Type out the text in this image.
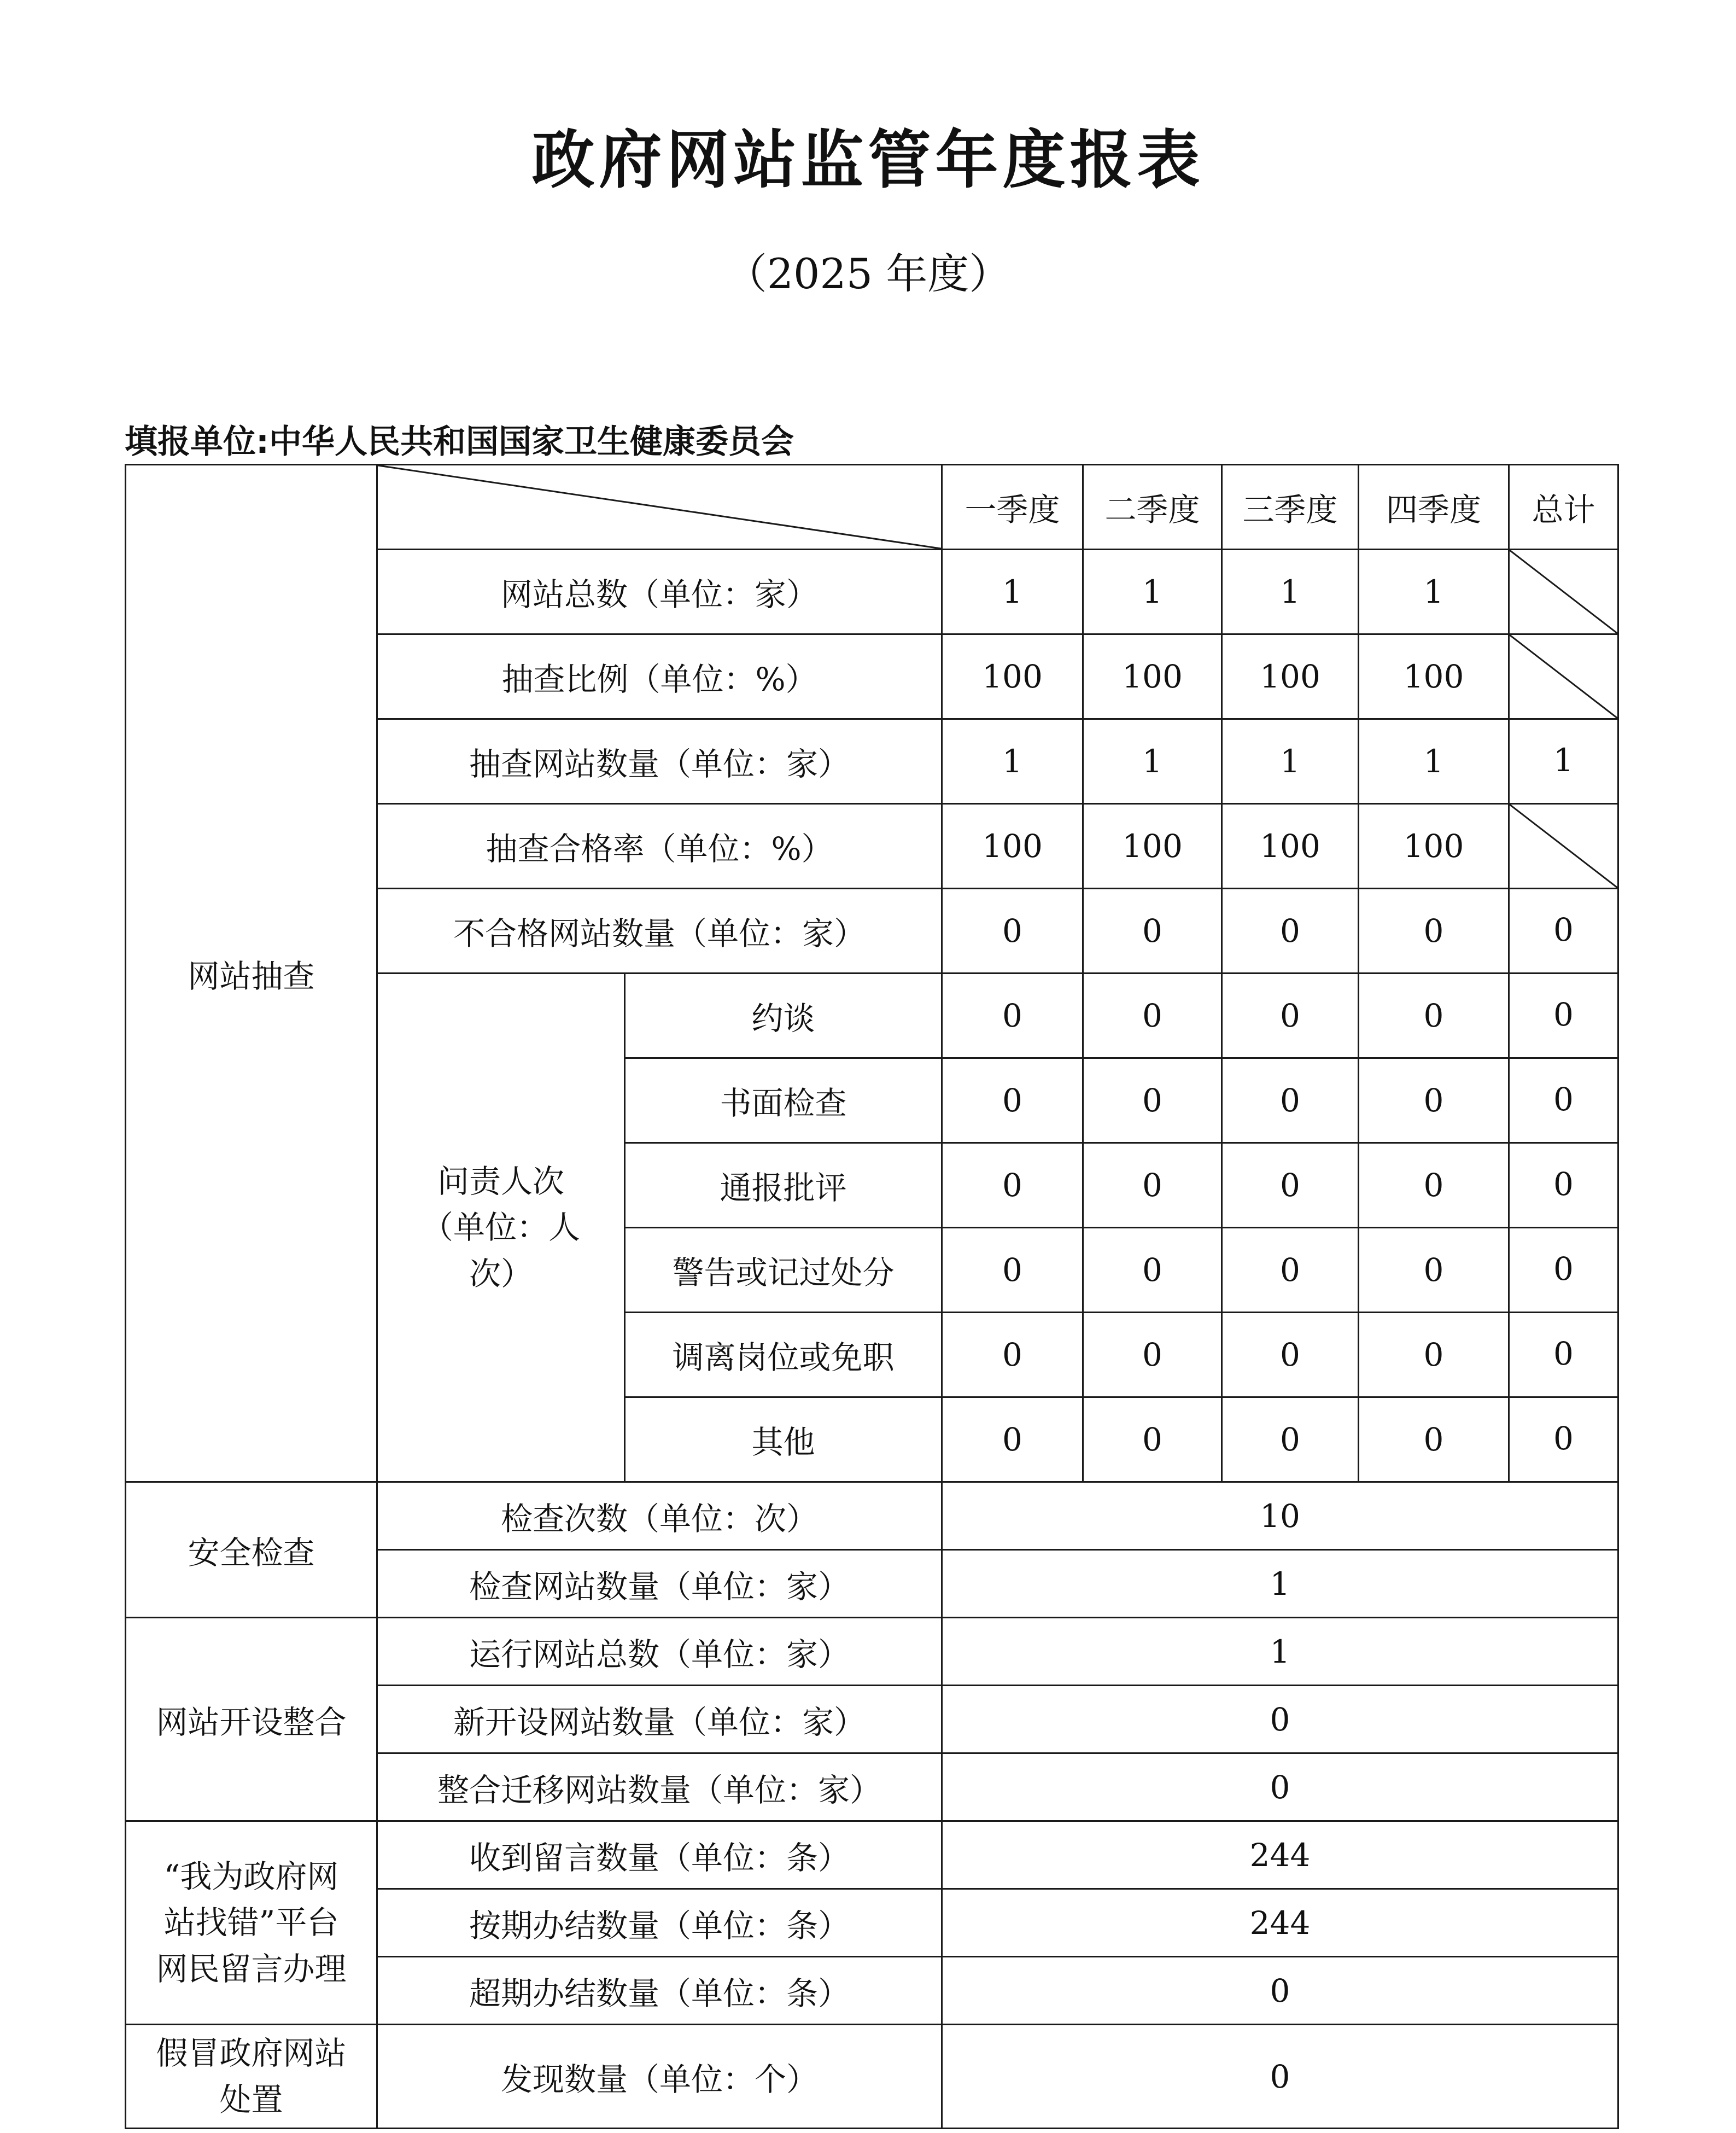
政府网站监管年度报表
（2025 年度）
填报单位:中华人民共和国国家卫生健康委员会
网站抽查			一季度	二季度	三季度	四季度	总计
	网站总数（单位：家）		1	1	1	1	

	抽查比例（单位：%）		100	100	100	100	

	抽查网站数量（单位：家）		1	1	1	1	1

	抽查合格率（单位：%）		100	100	100	100	

	不合格网站数量（单位：家）		0	0	0	0	0

	问责人次
（单位：人
次）	约谈	0	0	0	0	0

		书面检查	0	0	0	0	0

		通报批评	0	0	0	0	0

		警告或记过处分	0	0	0	0	0

		调离岗位或免职	0	0	0	0	0

		其他	0	0	0	0	0

安全检查	检查次数（单位：次）		10				
	检查网站数量（单位：家）		1				
网站开设整合	运行网站总数（单位：家）		1				
	新开设网站数量（单位：家）		0				
	整合迁移网站数量（单位：家）		0				

“我为政府网
站找错”平台
网民留言办理	收到留言数量（单位：条）		244				
	按期办结数量（单位：条）		244				
	超期办结数量（单位：条）		0				

假冒政府网站
处置	发现数量（单位：个）		0				
